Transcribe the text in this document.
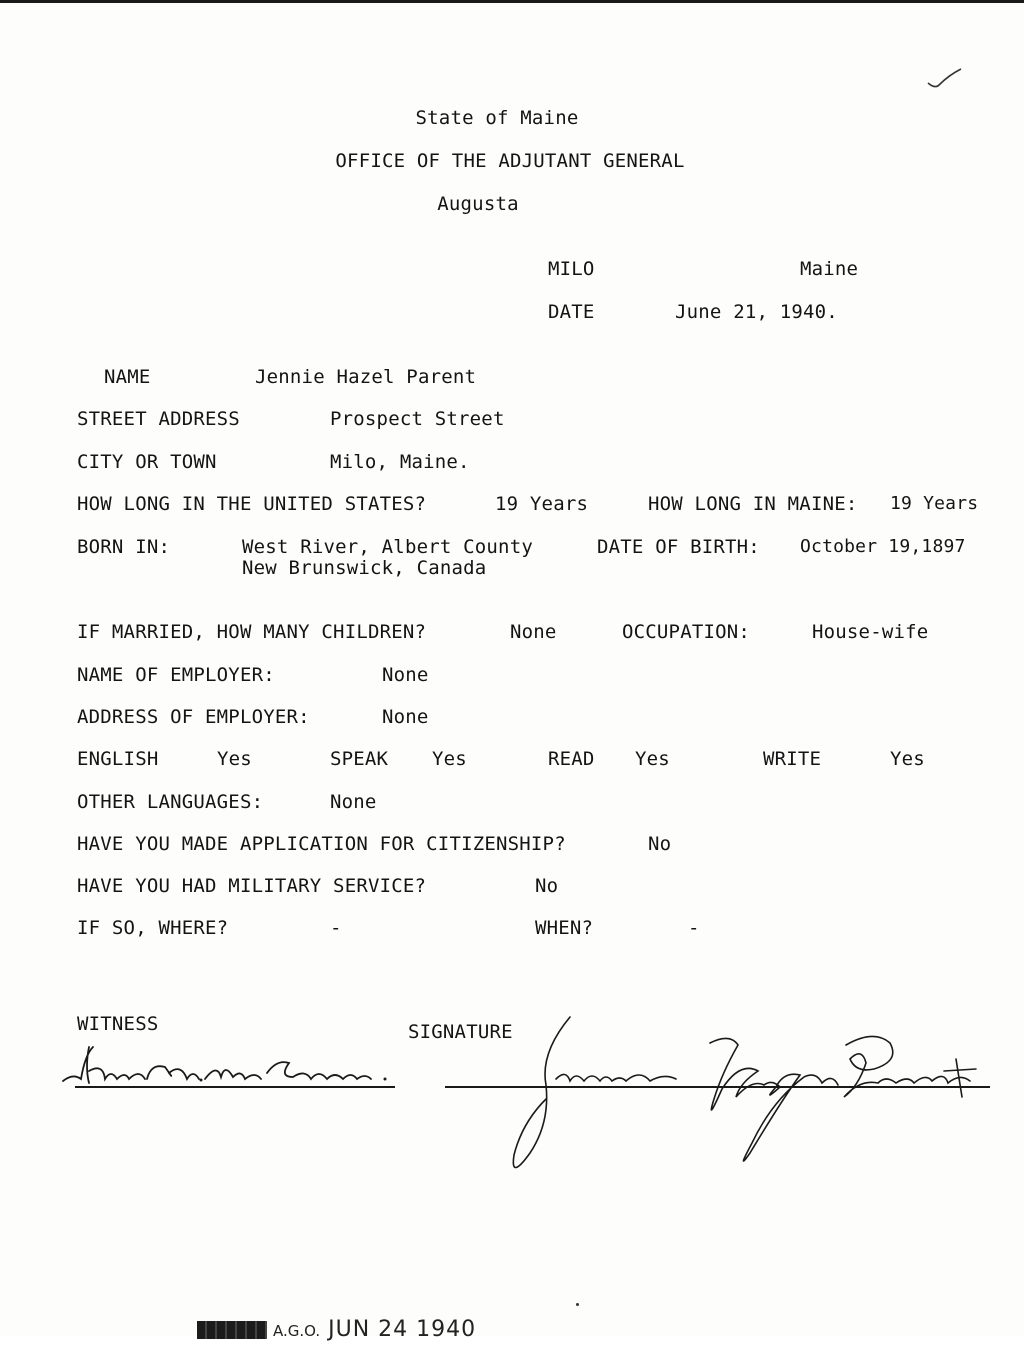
State of Maine
OFFICE OF THE ADJUTANT GENERAL
Augusta
MILO	Maine
DATE	June 21, 1940.
NAME	Jennie Hazel Parent
STREET ADDRESS	Prospect Street
CITY OR TOWN	Milo, Maine.
HOW LONG IN THE UNITED STATES?	19 Years	HOW LONG IN MAINE: 19 Years
BORN IN:	West River, Albert County
New Brunswick, Canada
DATE OF BIRTH: October 19,1897
IF MARRIED, HOW MANY CHILDREN?	None	OCCUPATION:	House-wife
NAME OF EMPLOYER:	None
ADDRESS OF EMPLOYER:	None
ENGLISH	Yes	SPEAK Yes	READ Yes	WRITE	Yes
OTHER LANGUAGES:	None
HAVE YOU MADE APPLICATION FOR CITIZENSHIP?	No
HAVE YOU HAD MILITARY SERVICE?	No
IF SO, WHERE?	-	WHEN?	-
WITNESS	SIGNATURE

A.G.O. JUN 24 1940
